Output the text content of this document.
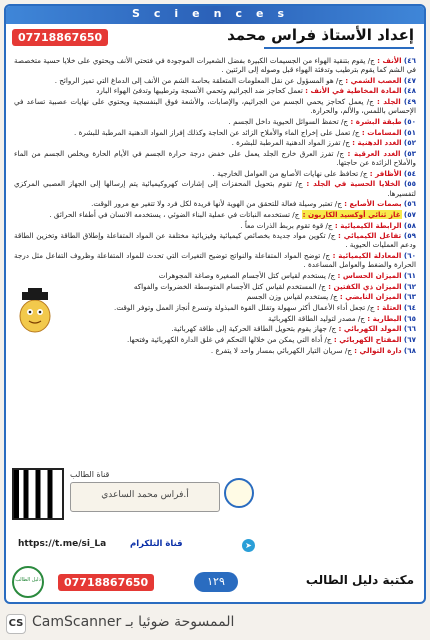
Sciences
07718867650	إعداد الأستاذ فراس محمد
٤٦) الأنف : ج/ يقوم بتنقية الهواء من الجسيمات الكبيرة بفضل الشعيرات الموجودة في فتحتي الأنف ويحتوي على خلايا حسية متخصصة في الشم كما يقوم بترطيب وتدفئة الهواء قبل وصوله إلى الرئتين .
٤٧) العصب الشمي : ج/ هو المسؤول عن نقل المعلومات المتعلقة بحاسة الشم من الأنف إلى الدماغ التي تميز الروائح .
٤٨) المادة المخاطية في الأنف : تعمل كحاجز ضد الجراثيم وتحمي الأنسجة وترطيبها وتدفئ الهواء البارد
٤٩) الجلد : ج/ يعمل كحاجز يحمي الجسم من الجراثيم، والإصابات، والأشعة فوق البنفسجية ويحتوي على نهايات عصبية تساعد في الإحساس باللمس، والألم، والحرارة.
٥٠) طبقة البشرة : ج/ تحفظ السوائل الحيوية داخل الجسم .
٥١) المسامات : ج/ تعمل على إخراج الماء والأملاح الزائد عن الحاجة وكذلك إفراز المواد الدهنية المرطبة للبشرة .
٥٢) الغدد الدهنية : ج/ تفرز المواد الدهنية المرطبة للبشرة .
٥٣) الغدد العرقية : ج/ تفرز العرق خارج الجلد يعمل على خفض درجة حرارة الجسم في الأيام الحارة ويخلص الجسم من الماء والأملاح الزائدة عن حاجتها.
٥٤) الأظافر : ج/ تحافظ على نهايات الأصابع من العوامل الخارجية .
٥٥) الخلايا الحسية في الجلد : ج/ تقوم بتحويل المحفزات إلى إشارات كهروكيميائية يتم إرسالها إلى الجهاز العصبي المركزي لتفسيرها.
٥٦) بصمات الأصابع : ج/ تعتبر وسيلة فعالة للتحقق من الهوية لأنها فريدة لكل فرد ولا تتغير مع مرور الوقت.
٥٧) غاز ثنائي أوكسيد الكاربون : ج/ تستخدمه النباتات في عملية البناء الضوئي ، يستخدمه الانسان في أطفاء الحرائق .
٥٨) الرابطة الكيميائية : ج/ قوة تقوم بربط الذرات معاً .
٥٩) تفاعل الكيميائي : ج/ تكوين مواد جديدة بخصائص كيميائية وفيزيائية مختلفة عن المواد المتفاعلة وإطلاق الطاقة وتخزين الطاقة ودعم العمليات الحيوية .
٦٠) المعادلة الكيميائية : ج/ توضح المواد المتفاعلة والنواتج توضيح التغيرات التي تحدث للمواد المتفاعلة وظروف التفاعل مثل درجة الحرارة والضغط والعوامل المساعدة .
٦١) الميزان الحساس : ج/ يستخدم لقياس كتل الأجسام الصغيرة وصاغة المجوهرات
٦٢) الميزان ذي الكفتين : ج/ المستخدم لقياس كتل الأجسام المتوسطة الخضروات والفواكه
٦٣) الميزان النابضي : ج/ يستخدم لقياس وزن الجسم
٦٤) العتلة : ج/ تجعل أداء الأعمال أكثر سهولة وتقلل القوة المبذولة وتسرع أنجاز العمل وتوفر الوقت.
٦٥) البطارية : ج/ مصدر لتوليد الطاقة الكهربائية
٦٦) المولد الكهربائي : ج/ جهاز يقوم بتحويل الطاقة الحركية إلى طاقة كهربائية.
٦٧) المفتاح الكهربائي : ج/ أداة التي يمكن من خلالها التحكم في غلق الدارة الكهربائية وفتحها.
٦٨) دارة التوالي : ج/ سريان التيار الكهربائي بمسار واحد لا يتفرع .
قناة الطالب
أ.فراس محمد الساعدي
https://t.me/si_La	قناة التلكرام	➤
دليل الطالب	07718867650	١٢٩	مكتبة دليل الطالب
CS الممسوحة ضوئيا بـ CamScanner
